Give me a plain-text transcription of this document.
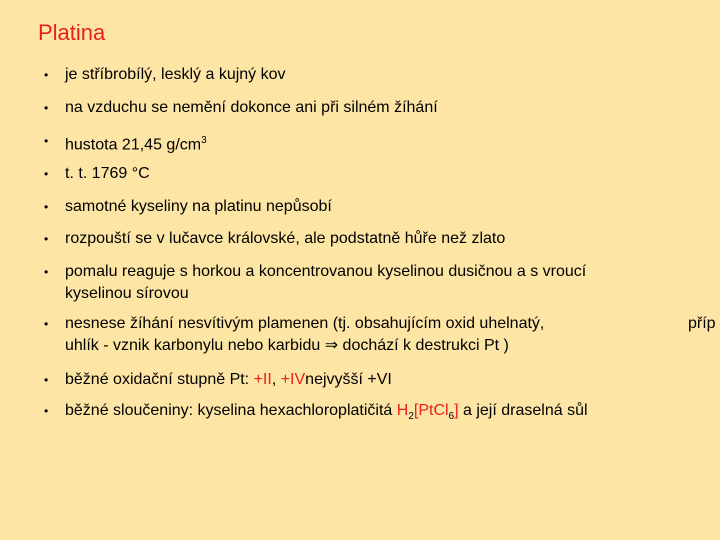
Platina
• je stříbrobílý, lesklý a kujný kov
• na vzduchu se nemění dokonce ani při silném žíhání
• hustota 21,45 $g/cm^3$
• t. t. 1769 °C
• samotné kyseliny na platinu nepůsobí
• rozpouští se v lučavce královské, ale podstatně hůře než zlato
• pomalu reaguje s horkou a koncentrovanou kyselinou dusičnou a s vroucí
kyselinou sírovou
• nesnese žíhání nesvítivým plamenen (tj. obsahujícím oxid uhelnatý,
uhlík - vznik karbonylu nebo karbidu ⇒ dochází k destrukci Pt )
• běžné oxidační stupně Pt: +II, +IVnejvyšší +VI
• běžné sloučeniny: kyselina hexachloroplatičitá $H_2[PtCl_6]$ a její draselná sůl
příp
